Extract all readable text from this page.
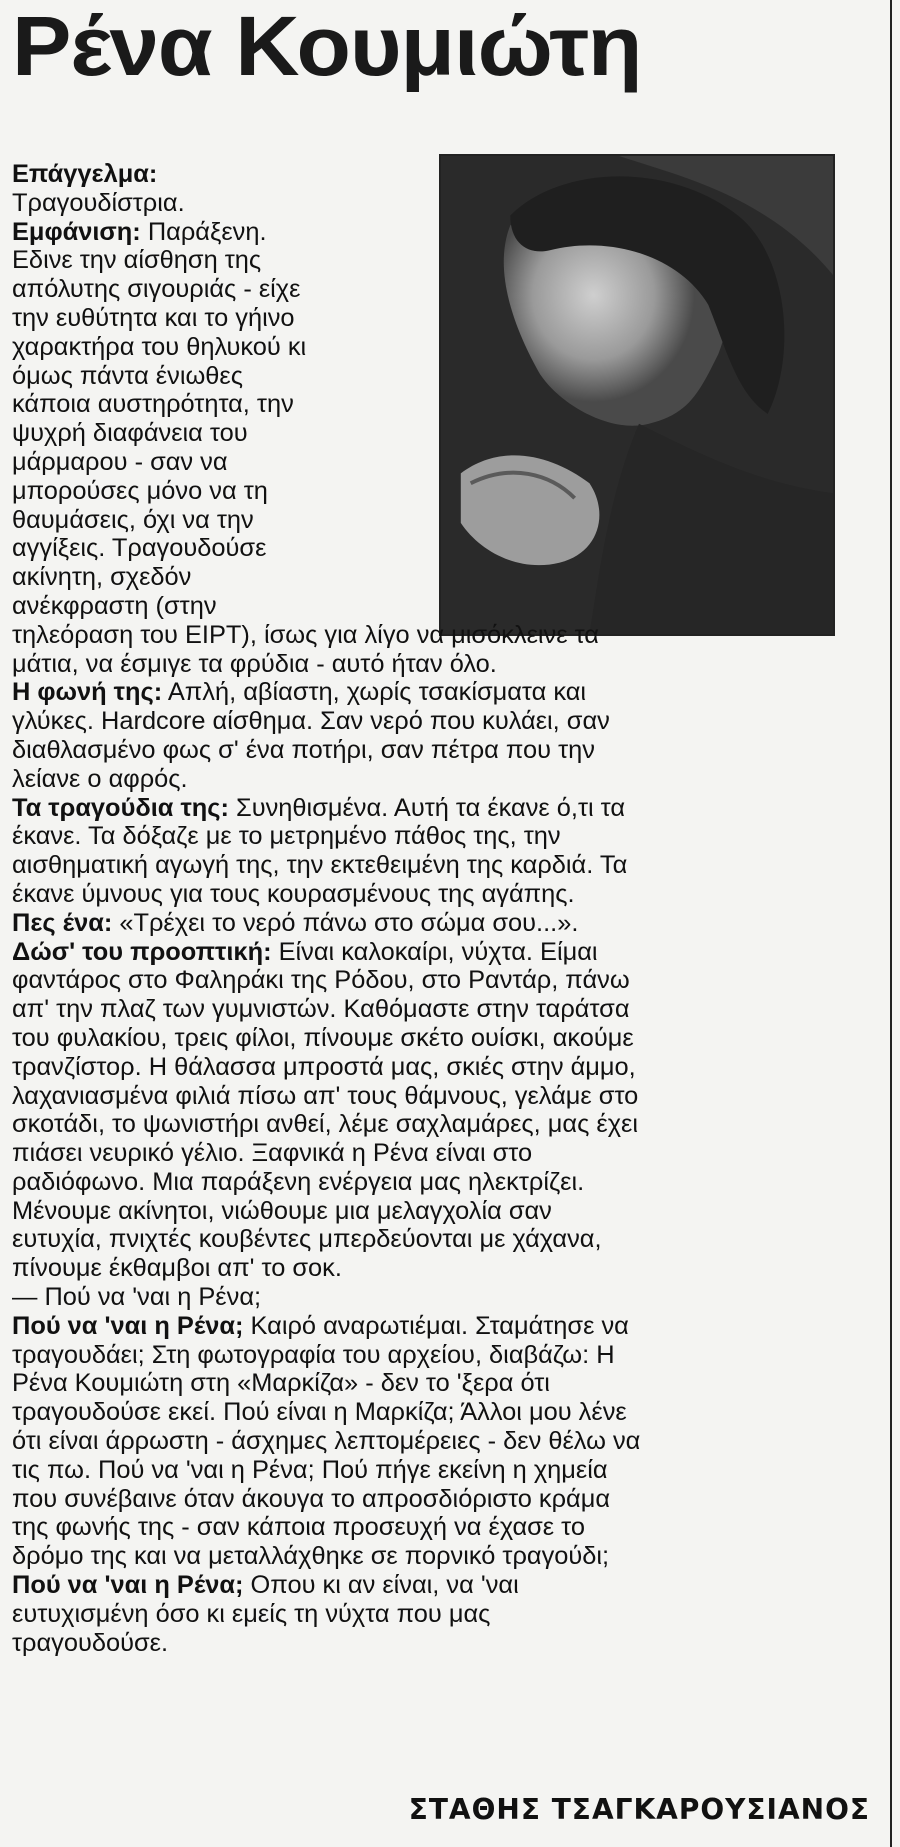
Ρένα Κουμιώτη

Επάγγελμα:

Τραγουδίστρια.

Εμφάνιση: Παράξενη.

Εδινε την αίσθηση της

απόλυτης σιγουριάς - είχε

την ευθύτητα και το γήινο

χαρακτήρα του θηλυκού κι

όμως πάντα ένιωθες

κάποια αυστηρότητα, την

ψυχρή διαφάνεια του

μάρμαρου - σαν να

μπορούσες μόνο να τη

θαυμάσεις, όχι να την

αγγίξεις. Τραγουδούσε

ακίνητη, σχεδόν

ανέκφραστη (στην

τηλεόραση του ΕΙΡΤ), ίσως για λίγο να μισόκλεινε τα

μάτια, να έσμιγε τα φρύδια - αυτό ήταν όλο.

Η φωνή της: Απλή, αβίαστη, χωρίς τσακίσματα και

γλύκες. Hardcore αίσθημα. Σαν νερό που κυλάει, σαν

διαθλασμένο φως σ' ένα ποτήρι, σαν πέτρα που την

λείανε ο αφρός.

Τα τραγούδια της: Συνηθισμένα. Αυτή τα έκανε ό,τι τα

έκανε. Τα δόξαζε με το μετρημένο πάθος της, την

αισθηματική αγωγή της, την εκτεθειμένη της καρδιά. Τα

έκανε ύμνους για τους κουρασμένους της αγάπης.

Πες ένα: «Τρέχει το νερό πάνω στο σώμα σου...».

Δώσ' του προοπτική: Είναι καλοκαίρι, νύχτα. Είμαι

φαντάρος στο Φαληράκι της Ρόδου, στο Ραντάρ, πάνω

απ' την πλαζ των γυμνιστών. Καθόμαστε στην ταράτσα

του φυλακίου, τρεις φίλοι, πίνουμε σκέτο ουίσκι, ακούμε

τρανζίστορ. Η θάλασσα μπροστά μας, σκιές στην άμμο,

λαχανιασμένα φιλιά πίσω απ' τους θάμνους, γελάμε στο

σκοτάδι, το ψωνιστήρι ανθεί, λέμε σαχλαμάρες, μας έχει

πιάσει νευρικό γέλιο. Ξαφνικά η Ρένα είναι στο

ραδιόφωνο. Μια παράξενη ενέργεια μας ηλεκτρίζει.

Μένουμε ακίνητοι, νιώθουμε μια μελαγχολία σαν

ευτυχία, πνιχτές κουβέντες μπερδεύονται με χάχανα,

πίνουμε έκθαμβοι απ' το σοκ.

— Πού να 'ναι η Ρένα;

Πού να 'ναι η Ρένα; Καιρό αναρωτιέμαι. Σταμάτησε να

τραγουδάει; Στη φωτογραφία του αρχείου, διαβάζω: Η

Ρένα Κουμιώτη στη «Μαρκίζα» - δεν το 'ξερα ότι

τραγουδούσε εκεί. Πού είναι η Μαρκίζα; Άλλοι μου λένε

ότι είναι άρρωστη - άσχημες λεπτομέρειες - δεν θέλω να

τις πω. Πού να 'ναι η Ρένα; Πού πήγε εκείνη η χημεία

που συνέβαινε όταν άκουγα το απροσδιόριστο κράμα

της φωνής της - σαν κάποια προσευχή να έχασε το

δρόμο της και να μεταλλάχθηκε σε πορνικό τραγούδι;

Πού να 'ναι η Ρένα; Οπου κι αν είναι, να 'ναι

ευτυχισμένη όσο κι εμείς τη νύχτα που μας

τραγουδούσε.

ΣΤΑΘΗΣ ΤΣΑΓΚΑΡΟΥΣΙΑΝΟΣ
